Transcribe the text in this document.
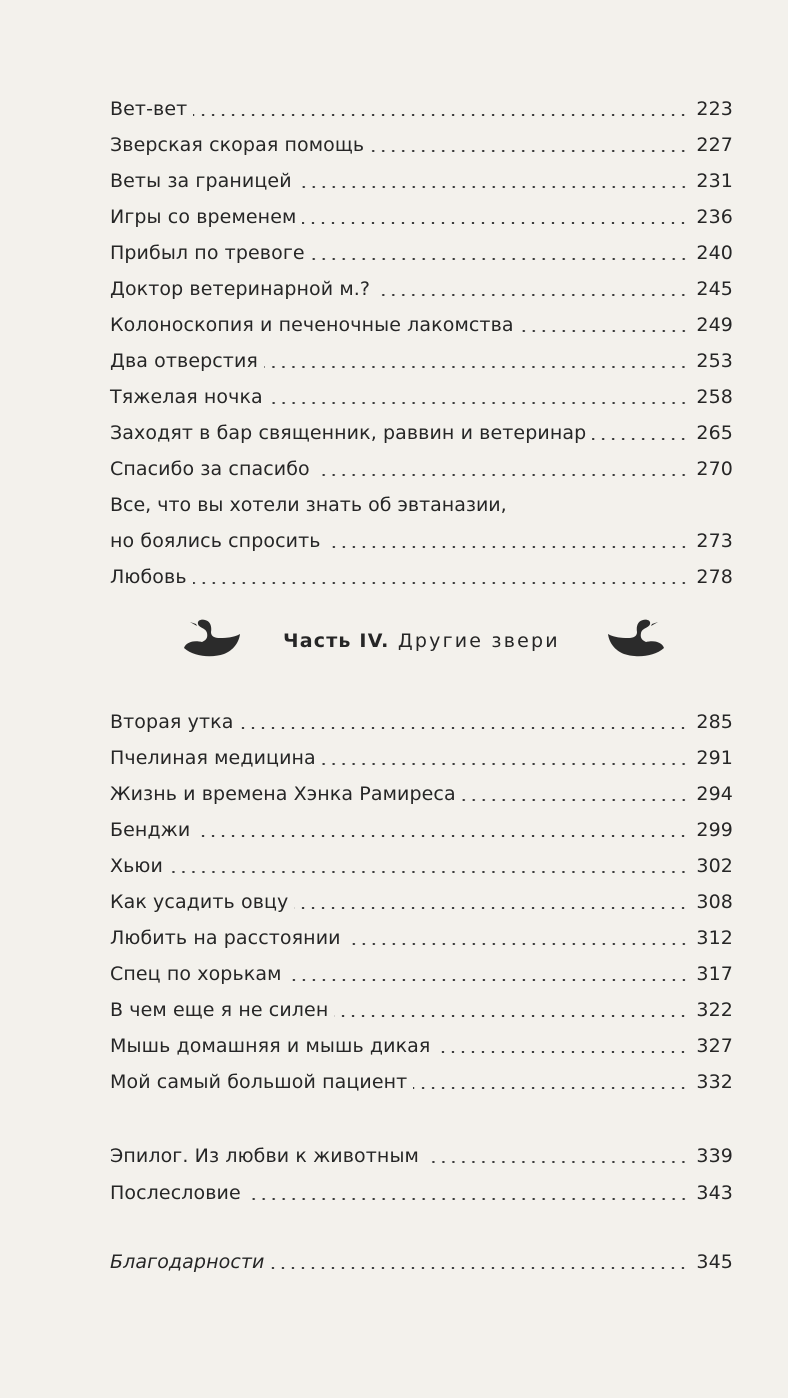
Вет-вет	223
Зверская скорая помощь	227
Веты за границей	231
Игры со временем	236
Прибыл по тревоге	240
Доктор ветеринарной м.?	245
Колоноскопия и печеночные лакомства	249
Два отверстия	253
Тяжелая ночка	258
Заходят в бар священник, раввин и ветеринар	265
Спасибо за спасибо	270
Все, что вы хотели знать об эвтаназии,
но боялись спросить	273
Любовь	278
Часть IV. Другие звери
Вторая утка	285
Пчелиная медицина	291
Жизнь и времена Хэнка Рамиреса	294
Бенджи	299
Хьюи	302
Как усадить овцу	308
Любить на расстоянии	312
Спец по хорькам	317
В чем еще я не силен	322
Мышь домашняя и мышь дикая	327
Мой самый большой пациент	332
Эпилог. Из любви к животным	339
Послесловие	343
Благодарности	345
